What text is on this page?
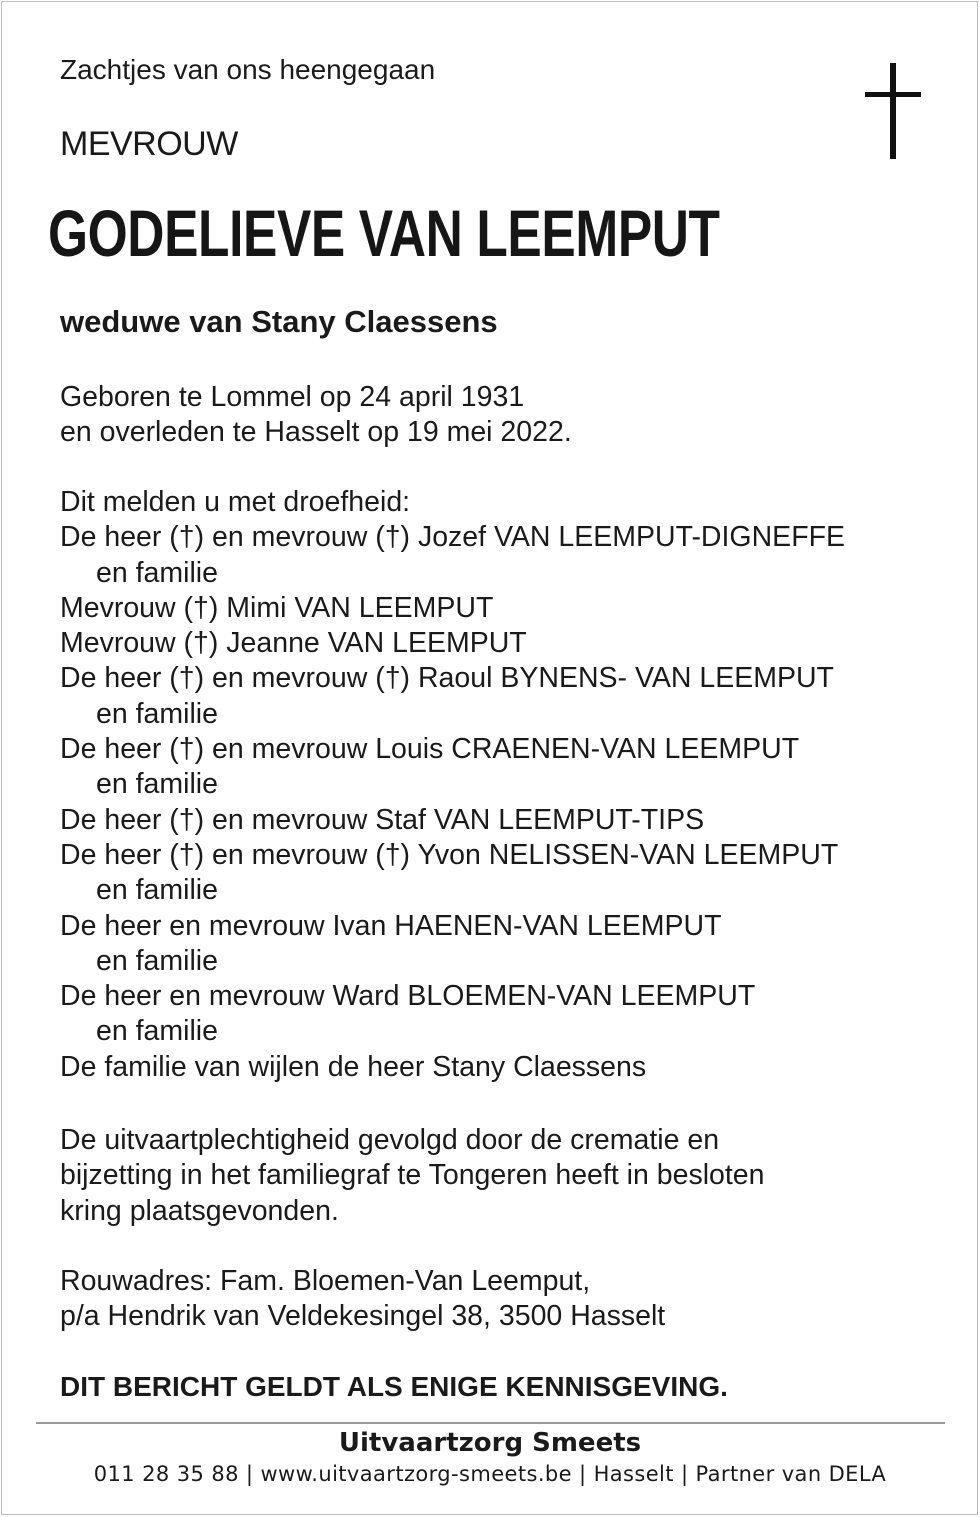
Zachtjes van ons heengegaan
MEVROUW
GODELIEVE VAN LEEMPUT
weduwe van Stany Claessens
Geboren te Lommel op 24 april 1931
en overleden te Hasselt op 19 mei 2022.
Dit melden u met droefheid:
De heer (†) en mevrouw (†) Jozef VAN LEEMPUT-DIGNEFFE
en familie
Mevrouw (†) Mimi VAN LEEMPUT
Mevrouw (†) Jeanne VAN LEEMPUT
De heer (†) en mevrouw (†) Raoul BYNENS- VAN LEEMPUT
en familie
De heer (†) en mevrouw Louis CRAENEN-VAN LEEMPUT
en familie
De heer (†) en mevrouw Staf VAN LEEMPUT-TIPS
De heer (†) en mevrouw (†) Yvon NELISSEN-VAN LEEMPUT
en familie
De heer en mevrouw Ivan HAENEN-VAN LEEMPUT
en familie
De heer en mevrouw Ward BLOEMEN-VAN LEEMPUT
en familie
De familie van wijlen de heer Stany Claessens
De uitvaartplechtigheid gevolgd door de crematie en
bijzetting in het familiegraf te Tongeren heeft in besloten
kring plaatsgevonden.
Rouwadres: Fam. Bloemen-Van Leemput,
p/a Hendrik van Veldekesingel 38, 3500 Hasselt
DIT BERICHT GELDT ALS ENIGE KENNISGEVING.
Uitvaartzorg Smeets
011 28 35 88 | www.uitvaartzorg-smeets.be | Hasselt | Partner van DELA
